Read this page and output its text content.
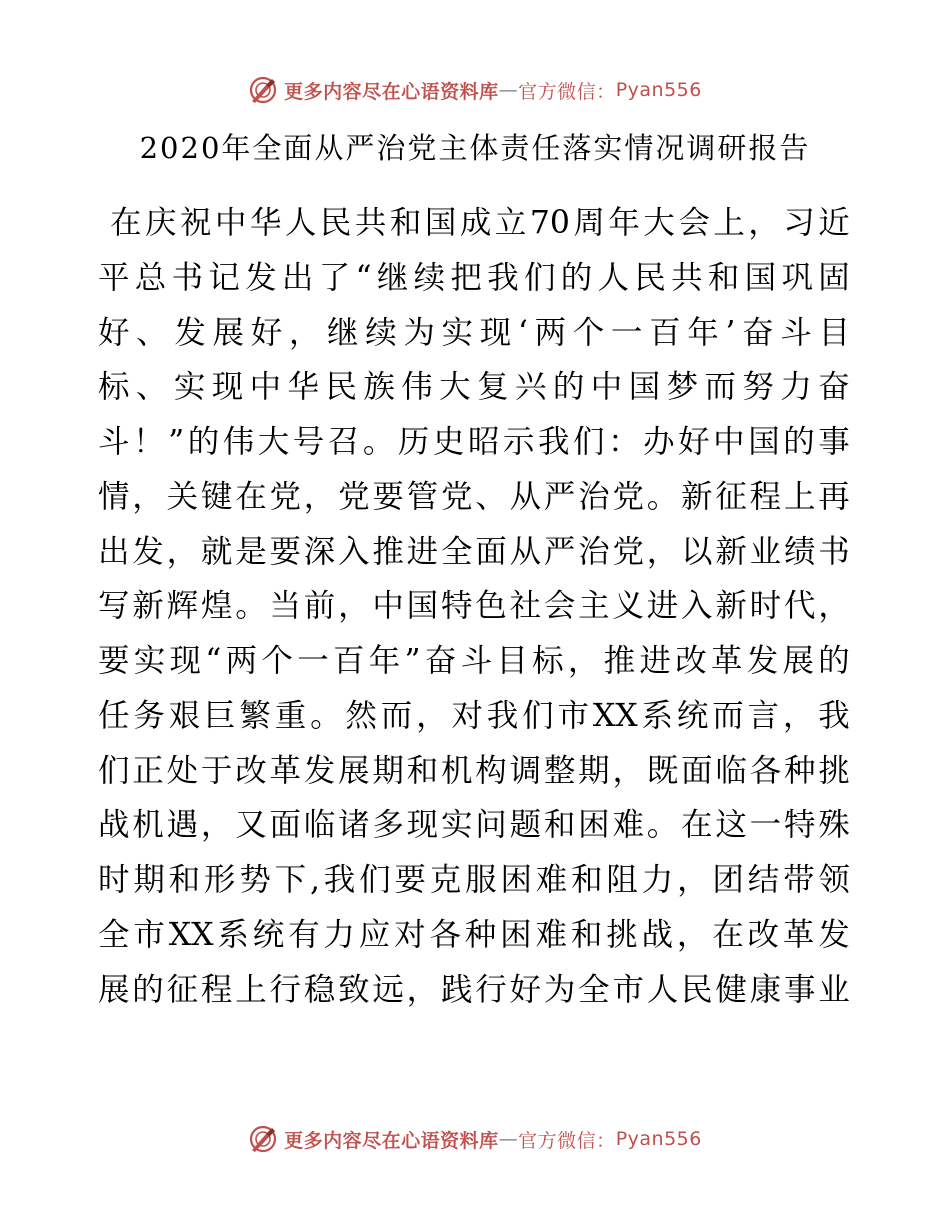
更多内容尽在心语资料库 — 官方微信： Pyan556
2020年全面从严治党主体责任落实情况调研报告
在 庆 祝 中 华 人 民 共 和 国 成 立 70 周 年 大 会 上 ， 习 近
平 总 书 记 发 出 了 “ 继 续 把 我 们 的 人 民 共 和 国 巩 固
好 、 发 展 好 ， 继 续 为 实 现 ‘ 两 个 一 百 年 ’ 奋 斗 目
标 、 实 现 中 华 民 族 伟 大 复 兴 的 中 国 梦 而 努 力 奋
斗 ！ ” 的 伟 大 号 召 。 历 史 昭 示 我 们 ： 办 好 中 国 的 事
情 ， 关 键 在 党 ， 党 要 管 党 、 从 严 治 党 。 新 征 程 上 再
出 发 ， 就 是 要 深 入 推 进 全 面 从 严 治 党 ， 以 新 业 绩 书
写 新 辉 煌 。 当 前 ， 中 国 特 色 社 会 主 义 进 入 新 时 代 ，
要 实 现 “ 两 个 一 百 年 ” 奋 斗 目 标 ， 推 进 改 革 发 展 的
任 务 艰 巨 繁 重 。 然 而 ， 对 我 们 市 XX 系 统 而 言 ， 我
们 正 处 于 改 革 发 展 期 和 机 构 调 整 期 ， 既 面 临 各 种 挑
战 机 遇 ， 又 面 临 诸 多 现 实 问 题 和 困 难 。 在 这 一 特 殊
时 期 和 形 势 下 , 我 们 要 克 服 困 难 和 阻 力 ， 团 结 带 领
全 市 XX 系 统 有 力 应 对 各 种 困 难 和 挑 战 ， 在 改 革 发
展 的 征 程 上 行 稳 致 远 ， 践 行 好 为 全 市 人 民 健 康 事 业
更多内容尽在心语资料库 — 官方微信： Pyan556
